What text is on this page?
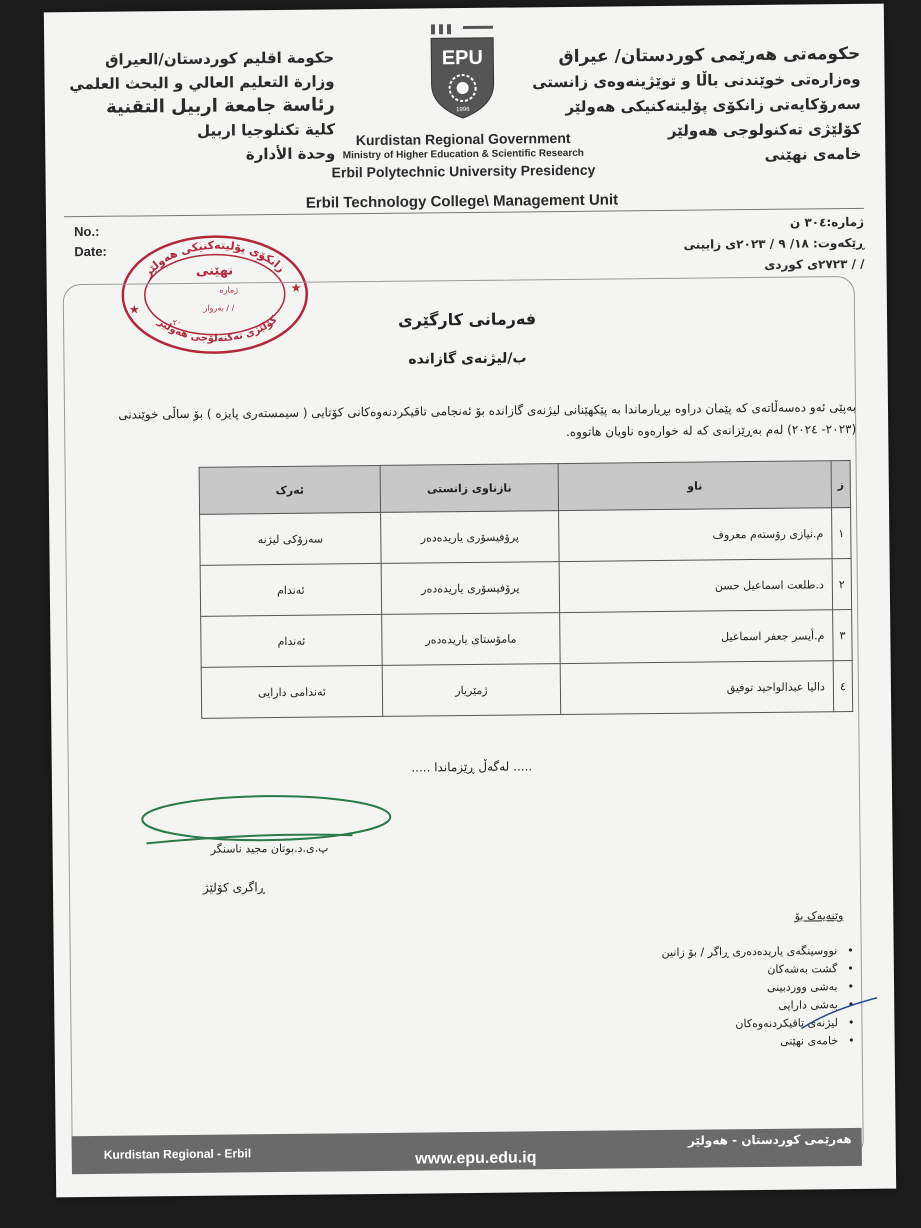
حکومەتی هەرێمی کوردستان/ عیراق
وەزارەتی خوێندنی باڵا و توێژینەوەی زانستی
سەرۆکایەتی زانکۆی پۆلیتەکنیکی هەولێر
کۆلێژی تەکنولوجی هەولێر
خامەی نهێنی
حكومة اقليم كوردستان/العيراق
وزارة التعليم العالي و البحث العلمي
رئاسة جامعة اربيل التقنية
كلية تكنلوجيا اربيل
وحدة الأدارة
EPU
1996
Kurdistan Regional Government
Ministry of Higher Education & Scientific Research
Erbil Polytechnic University Presidency
Erbil Technology College\ Management Unit
No.:
Date:
ژمارە:٣٠٤ ن
ڕێکەوت: ١٨/ ٩ / ٢٠٢٣ی زایینی
/ / ٢٧٢٣ی کوردی
زانکۆی پۆلیتەکنیکی هەولێر
کۆلێژی تەکنەلۆجی هەولێر
نهێنی
ژمارە
بەروار / /
٢٠
★
★
فەرمانی کارگێری
ب/لیژنەی گازاندە
بەپێی ئەو دەسەڵاتەی کە پێمان دراوە بڕیارماندا بە پێکهێنانی لیژنەی گازاندە بۆ ئەنجامی تاقیکردنەوەکانی کۆتایی ( سیمستەری پایزە ) بۆ ساڵی خوێندنی (٢٠٢٣- ٢٠٢٤) لەم بەڕێزانەی کە لە خوارەوە ناویان هاتووە.
ز	ناو	نازناوی زانستی	ئەرک
١	م.نیازی رۆستەم معروف	پرۆفیسۆری یاریدەدەر	سەرۆکی لیژنە
٢	د.طلعت اسماعیل حسن	پرۆفیسۆری یاریدەدەر	ئەندام
٣	م.أیسر جعفر اسماعیل	مامۆستای یاریدەدەر	ئەندام
٤	دالیا عبدالواحید توفیق	ژمێریار	ئەندامی دارایی
..... لەگەڵ ڕێزماندا .....
پ.ی.د.بوتان مجید ناسنگر
ڕاگری کۆلێژ
وێنەیەک بۆ
• نووسینگەی یاریدەدەری ڕاگر / بۆ زانین
• گشت بەشەکان
• بەشی ووردبینی
• بەشی دارایی
• لیژنەی تاقیکردنەوەکان
• خامەی نهێنی
Kurdistan Regional - Erbil	www.epu.edu.iq
هەرێمی کوردستان - هەولێر
